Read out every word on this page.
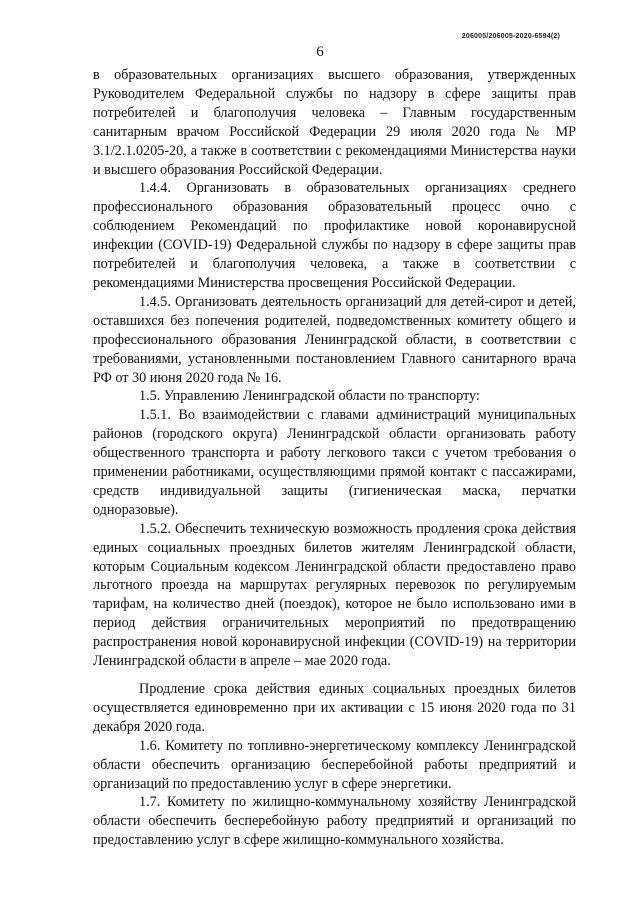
206005/206005-2020-6594(2)
6

в образовательных организациях высшего образования, утвержденных Руководителем Федеральной службы по надзору в сфере защиты прав потребителей и благополучия человека – Главным государственным санитарным врачом Российской Федерации 29 июля 2020 года № МР 3.1/2.1.0205-20, а также в соответствии с рекомендациями Министерства науки и высшего образования Российской Федерации.

1.4.4. Организовать в образовательных организациях среднего профессионального образования образовательный процесс очно с соблюдением Рекомендаций по профилактике новой коронавирусной инфекции (COVID-19) Федеральной службы по надзору в сфере защиты прав потребителей и благополучия человека, а также в соответствии с рекомендациями Министерства просвещения Российской Федерации.

1.4.5. Организовать деятельность организаций для детей-сирот и детей, оставшихся без попечения родителей, подведомственных комитету общего и профессионального образования Ленинградской области, в соответствии с требованиями, установленными постановлением Главного санитарного врача РФ от 30 июня 2020 года № 16.

1.5. Управлению Ленинградской области по транспорту:

1.5.1. Во взаимодействии с главами администраций муниципальных районов (городского округа) Ленинградской области организовать работу общественного транспорта и работу легкового такси с учетом требования о применении работниками, осуществляющими прямой контакт с пассажирами, средств индивидуальной защиты (гигиеническая маска, перчатки одноразовые).

1.5.2. Обеспечить техническую возможность продления срока действия единых социальных проездных билетов жителям Ленинградской области, которым Социальным кодексом Ленинградской области предоставлено право льготного проезда на маршрутах регулярных перевозок по регулируемым тарифам, на количество дней (поездок), которое не было использовано ими в период действия ограничительных мероприятий по предотвращению распространения новой коронавирусной инфекции (COVID-19) на территории Ленинградской области в апреле – мае 2020 года.

Продление срока действия единых социальных проездных билетов осуществляется единовременно при их активации с 15 июня 2020 года по 31 декабря 2020 года.

1.6. Комитету по топливно-энергетическому комплексу Ленинградской области обеспечить организацию бесперебойной работы предприятий и организаций по предоставлению услуг в сфере энергетики.

1.7. Комитету по жилищно-коммунальному хозяйству Ленинградской области обеспечить бесперебойную работу предприятий и организаций по предоставлению услуг в сфере жилищно-коммунального хозяйства.
